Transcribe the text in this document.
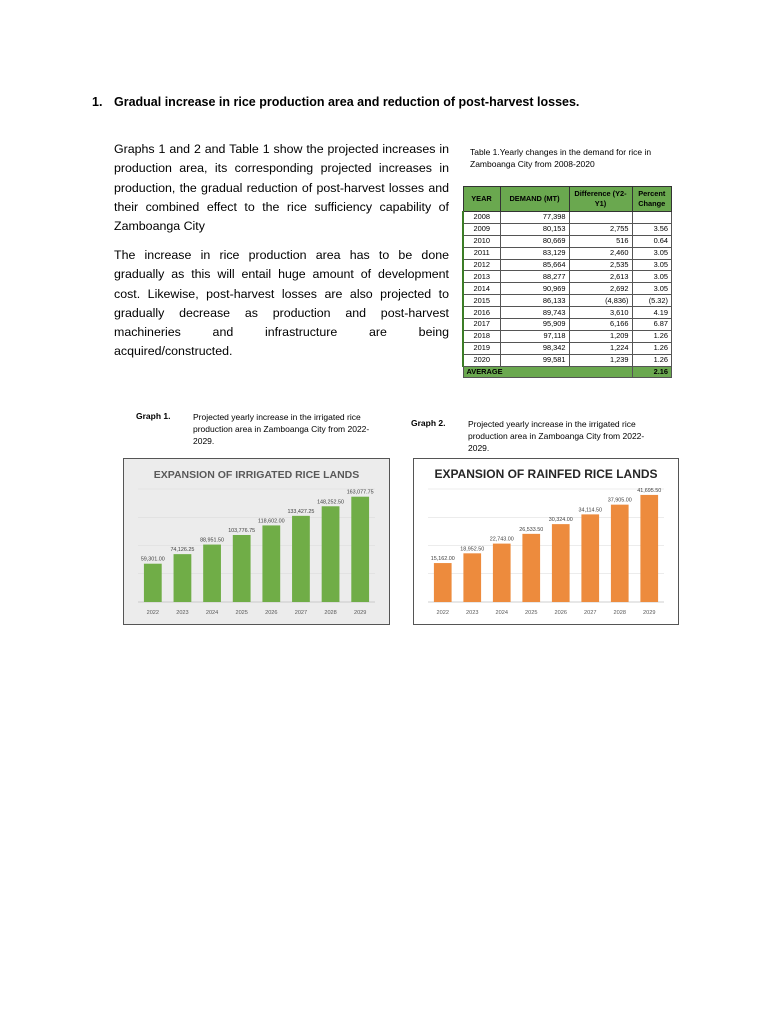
1. Gradual increase in rice production area and reduction of post-harvest losses.
Graphs 1 and 2 and Table 1 show the projected increases in production area, its corresponding projected increases in production, the gradual reduction of post-harvest losses and their combined effect to the rice sufficiency capability of Zamboanga City
The increase in rice production area has to be done gradually as this will entail huge amount of development cost. Likewise, post-harvest losses are also projected to gradually decrease as production and post-harvest machineries and infrastructure are being acquired/constructed.
Table 1.Yearly changes in the demand for rice in Zamboanga City from 2008-2020
YEAR	DEMAND (MT)	Difference (Y2-Y1)	Percent Change
2008	77,398		
2009	80,153	2,755	3.56
2010	80,669	516	0.64
2011	83,129	2,460	3.05
2012	85,664	2,535	3.05
2013	88,277	2,613	3.05
2014	90,969	2,692	3.05
2015	86,133	(4,836)	(5.32)
2016	89,743	3,610	4.19
2017	95,909	6,166	6.87
2018	97,118	1,209	1.26
2019	98,342	1,224	1.26
2020	99,581	1,239	1.26
AVERAGE			2.16
Graph 1.	Projected yearly increase in the irrigated rice production area in Zamboanga City from 2022-2029.
Graph 2.	Projected yearly increase in the irrigated rice production area in Zamboanga City from 2022-2029.
EXPANSION OF IRRIGATED RICE LANDS
59,301.00
2022
74,126.25
2023
88,951.50
2024
103,776.75
2025
118,602.00
2026
133,427.25
2027
148,252.50
2028
163,077.75
2029
EXPANSION OF RAINFED RICE LANDS
15,162.00
2022
18,952.50
2023
22,743.00
2024
26,533.50
2025
30,324.00
2026
34,114.50
2027
37,905.00
2028
41,695.50
2029
